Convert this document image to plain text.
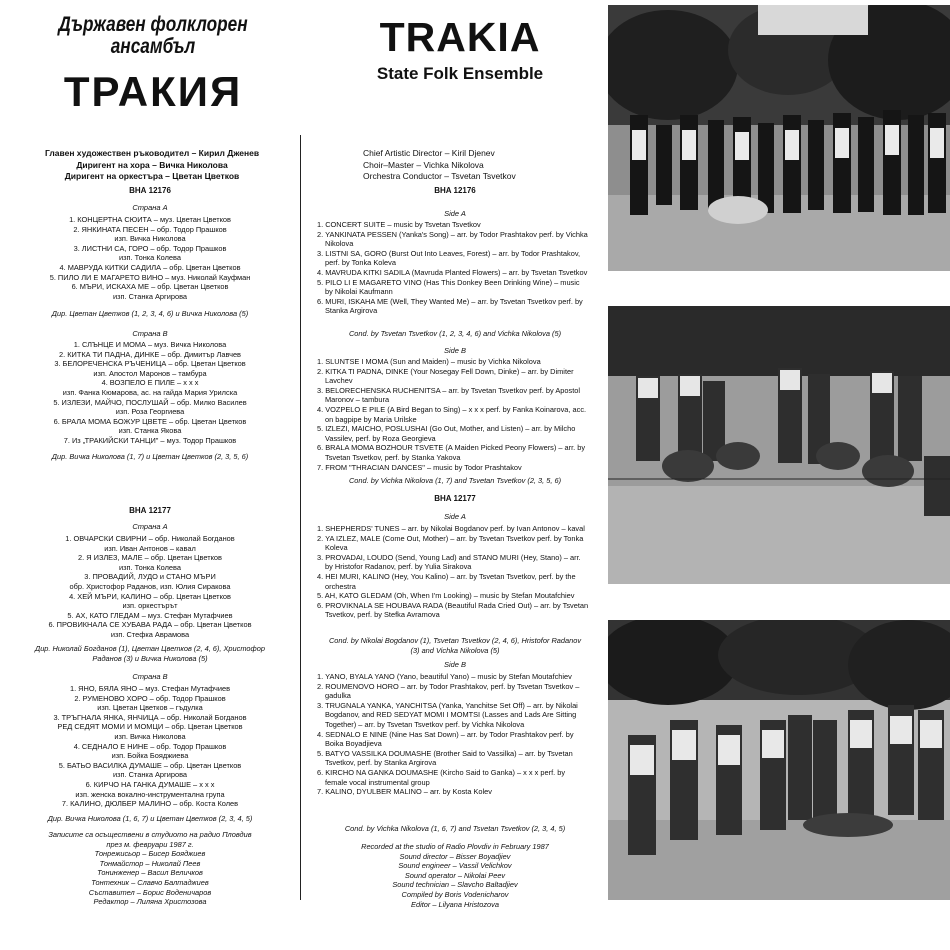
Държавен фолклорен ансамбъл
ТРАКИЯ
Главен художествен ръководител – Кирил Дженев
Диригент на хора – Вичка Николова
Диригент на оркестъра – Цветан Цветков
ВНА 12176
Страна А
1. КОНЦЕРТНА СЮИТА – муз. Цветан Цветков
2. ЯНКИНАТА ПЕСЕН – обр. Тодор Прашков
изп. Вичка Николова
3. ЛИСТНИ СА, ГОРО – обр. Тодор Прашков
изп. Тонка Колева
4. МАВРУДА КИТКИ САДИЛА – обр. Цветан Цветков
5. ПИЛО ЛИ Е МАГАРЕТО ВИНО – муз. Николай Кауфман
6. МЪРИ, ИСКАХА МЕ – обр. Цветан Цветков
изп. Станка Аргирова
Дир. Цветан Цветков (1, 2, 3, 4, 6) и Вичка Николова (5)
Страна В
1. СЛЪНЦЕ И МОМА – муз. Вичка Николова
2. КИТКА ТИ ПАДНА, ДИНКЕ – обр. Димитър Лавчев
3. БЕЛОРЕЧЕНСКА РЪЧЕНИЦА – обр. Цветан Цветков
изп. Апостол Маронов – тамбура
4. ВОЗПЕЛО Е ПИЛЕ – х х х
изп. Фанка Кюмарова, ас. на гайда Мария Урилска
5. ИЗЛЕЗИ, МАЙЧО, ПОСЛУШАЙ – обр. Милко Василев
изп. Роза Георгиева
6. БРАЛА МОМА БОЖУР ЦВЕТЕ – обр. Цветан Цветков
изп. Станка Якова
7. Из „ТРАКИЙСКИ ТАНЦИ" – муз. Тодор Прашков
Дир. Вичка Николова (1, 7) и Цветан Цветков (2, 3, 5, 6)
ВНА 12177
Страна А
1. ОВЧАРСКИ СВИРНИ – обр. Николай Богданов
изп. Иван Антонов – кавал
2. Я ИЗЛЕЗ, МАЛЕ – обр. Цветан Цветков
изп. Тонка Колева
3. ПРОВАДИЙ, ЛУДО и СТАНО МЪРИ
обр. Христофор Раданов, изп. Юлия Сиракова
4. ХЕЙ МЪРИ, КАЛИНО – обр. Цветан Цветков
изп. оркестърът
5. АХ, КАТО ГЛЕДАМ – муз. Стефан Мутафчиев
6. ПРОВИКНАЛА СЕ ХУБАВА РАДА – обр. Цветан Цветков
изп. Стефка Аврамова
Дир. Николай Богданов (1), Цветан Цветков (2, 4, 6), Христофор Раданов (3) и Вичка Николова (5)
Страна В
1. ЯНО, БЯЛА ЯНО – муз. Стефан Мутафчиев
2. РУМЕНОВО ХОРО – обр. Тодор Прашков
изп. Цветан Цветков – гъдулка
3. ТРЪГНАЛА ЯНКА, ЯНЧИЦА – обр. Николай Богданов
РЕД СЕДЯТ МОМИ И МОМЦИ – обр. Цветан Цветков
изп. Вичка Николова
4. СЕДНАЛО Е НИНЕ – обр. Тодор Прашков
изп. Бойка Бояджиева
5. БАТЬО ВАСИЛКА ДУМАШЕ – обр. Цветан Цветков
изп. Станка Аргирова
6. КИРЧО НА ГАНКА ДУМАШЕ – х х х
изп. женска вокално-инструментална група
7. КАЛИНО, ДЮЛБЕР МАЛИНО – обр. Коста Колев
Дир. Вичка Николова (1, 6, 7) и Цветан Цветков (2, 3, 4, 5)
Записите са осъществени в студиото на радио Пловдив
през м. февруари 1987 г.
Тонрежисьор – Бисер Бояджиев
Тонмайстор – Николай Пеев
Тонинженер – Васил Величков
Тонтехник – Славчо Балтаджиев
Съставител – Борис Воденичаров
Редактор – Лиляна Христозова
TRAKIA
State Folk Ensemble
Chief Artistic Director – Kiril Djenev
Choir–Master – Vichka Nikolova
Orchestra Conductor – Tsvetan Tsvetkov
BHA 12176
Side A
1. CONCERT SUITE – music by Tsvetan Tsvetkov
2. YANKINATA PESSEN (Yanka's Song) – arr. by Todor Prashtakov perf. by Vichka Nikolova
3. LISTNI SA, GORO (Burst Out Into Leaves, Forest) – arr. by Todor Prashtakov, perf. by Tonka Koleva
4. MAVRUDA KITKI SADILA (Mavruda Planted Flowers) – arr. by Tsvetan Tsvetkov
5. PILO LI E MAGARETO VINO (Has This Donkey Been Drinking Wine) – music by Nikolai Kaufmann
6. MURI, ISKAHA ME (Well, They Wanted Me) – arr. by Tsvetan Tsvetkov perf. by Stanka Argirova
Cond. by Tsvetan Tsvetkov (1, 2, 3, 4, 6) and Vichka Nikolova (5)
Side B
1. SLUNTSE I MOMA (Sun and Maiden) – music by Vichka Nikolova
2. KITKA TI PADNA, DINKE (Your Nosegay Fell Down, Dinke) – arr. by Dimiter Lavchev
3. BELORECHENSKA RUCHENITSA – arr. by Tsvetan Tsvetkov perf. by Apostol Maronov – tambura
4. VOZPELO E PILE (A Bird Began to Sing) – x x x perf. by Fanka Koinarova, acc. on bagpipe by Maria Urilske
5. IZLEZI, MAICHO, POSLUSHAI (Go Out, Mother, and Listen) – arr. by Milcho Vassilev, perf. by Roza Georgieva
6. BRALA MOMA BOZHOUR TSVETE (A Maiden Picked Peony Flowers) – arr. by Tsvetan Tsvetkov, perf. by Stanka Yakova
7. FROM "THRACIAN DANCES" – music by Todor Prashtakov
Cond. by Vichka Nikolova (1, 7) and Tsvetan Tsvetkov (2, 3, 5, 6)
BHA 12177
Side A
1. SHEPHERDS' TUNES – arr. by Nikolai Bogdanov perf. by Ivan Antonov – kaval
2. YA IZLEZ, MALE (Come Out, Mother) – arr. by Tsvetan Tsvetkov perf. by Tonka Koleva
3. PROVADAI, LOUDO (Send, Young Lad) and STANO MURI (Hey, Stano) – arr. by Hristofor Radanov, perf. by Yulia Sirakova
4. HEI MURI, KALINO (Hey, You Kalino) – arr. by Tsvetan Tsvetkov, perf. by the orchestra
5. AH, KATO GLEDAM (Oh, When I'm Looking) – music by Stefan Moutafchiev
6. PROVIKNALA SE HOUBAVA RADA (Beautiful Rada Cried Out) – arr. by Tsvetan Tsvetkov, perf. by Stefka Avramova
Cond. by Nikolai Bogdanov (1), Tsvetan Tsvetkov (2, 4, 6), Hristofor Radanov (3) and Vichka Nikolova (5)
Side B
1. YANO, BYALA YANO (Yano, beautiful Yano) – music by Stefan Moutafchiev
2. ROUMENOVO HORO – arr. by Todor Prashtakov, perf. by Tsvetan Tsvetkov – gadulka
3. TRUGNALA YANKA, YANCHITSA (Yanka, Yanchitse Set Off) – arr. by Nikolai Bogdanov, and RED SEDYAT MOMI I MOMTSI (Lasses and Lads Are Sitting Together) – arr. by Tsvetan Tsvetkov perf. by Vichka Nikolova
4. SEDNALO E NINE (Nine Has Sat Down) – arr. by Todor Prashtakov perf. by Boika Boyadjieva
5. BATYO VASSILKA DOUMASHE (Brother Said to Vassilka) – arr. by Tsvetan Tsvetkov, perf. by Stanka Argirova
6. KIRCHO NA GANKA DOUMASHE (Kircho Said to Ganka) – x x x perf. by female vocal instrumental group
7. KALINO, DYULBER MALINO – arr. by Kosta Kolev
Cond. by Vichka Nikolova (1, 6, 7) and Tsvetan Tsvetkov (2, 3, 4, 5)
Recorded at the studio of Radio Plovdiv in February 1987
Sound director – Bisser Boyadjiev
Sound engineer – Vassil Velichkov
Sound operator – Nikolai Peev
Sound technician – Slavcho Baltadjiev
Compiled by Boris Vodenicharov
Editor – Lilyana Hristozova
